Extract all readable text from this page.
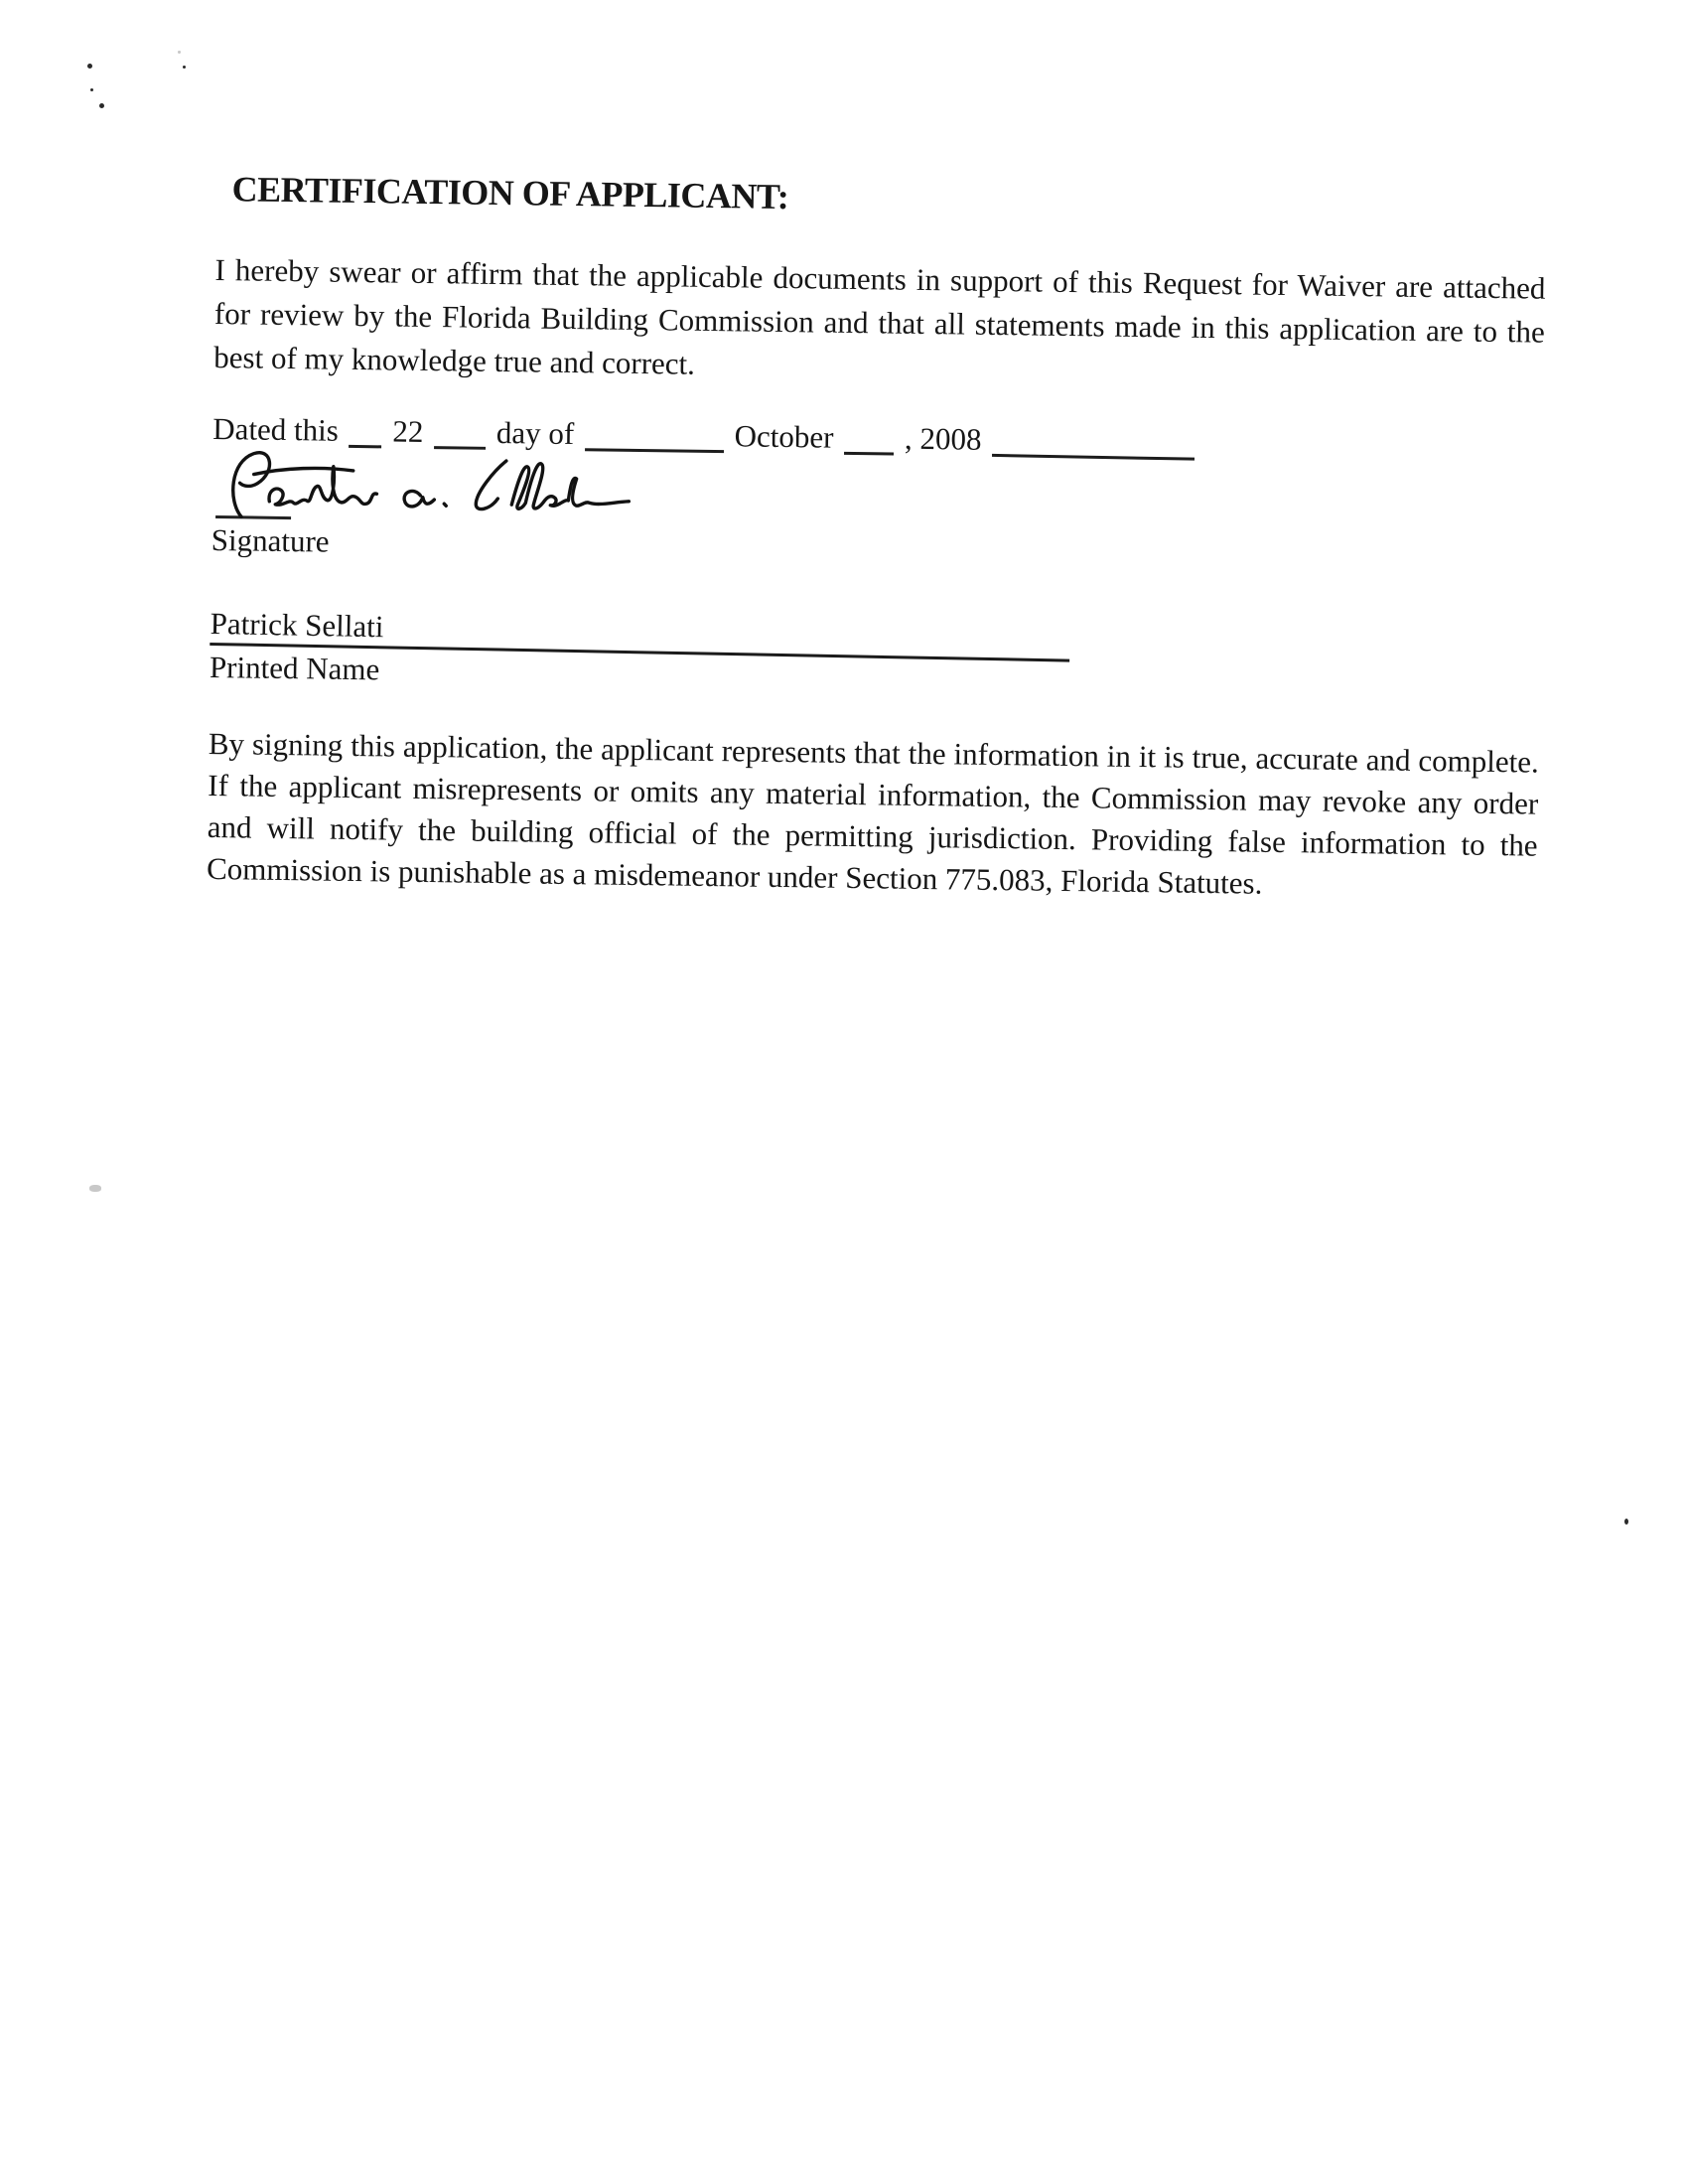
CERTIFICATION OF APPLICANT:

I hereby swear or affirm that the applicable documents in support of this Request for Waiver are attached for review by the Florida Building Commission and that all statements made in this application are to the best of my knowledge true and correct.

Dated this 22 day of	October , 2008
Signature
Patrick Sellati
Printed Name

By signing this application, the applicant represents that the information in it is true, accurate and complete. If the applicant misrepresents or omits any material information, the Commission may revoke any order and will notify the building official of the permitting jurisdiction. Providing false information to the Commission is punishable as a misdemeanor under Section 775.083, Florida Statutes.
